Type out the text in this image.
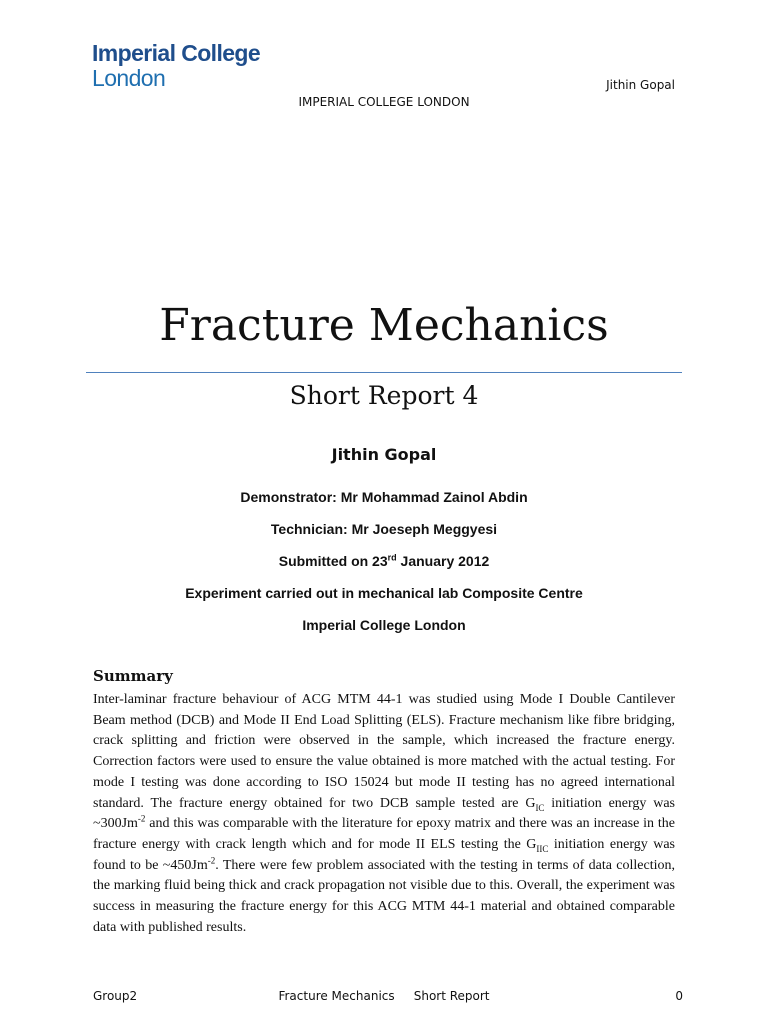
Imperial College
London	Jithin Gopal
IMPERIAL COLLEGE LONDON
Fracture Mechanics
Short Report 4
Jithin Gopal
Demonstrator: Mr Mohammad Zainol Abdin
Technician: Mr Joeseph Meggyesi
Submitted on 23rd January 2012
Experiment carried out in mechanical lab Composite Centre
Imperial College London
Summary

Inter-laminar fracture behaviour of ACG MTM 44-1 was studied using Mode I Double Cantilever Beam method (DCB) and Mode II End Load Splitting (ELS). Fracture mechanism like fibre bridging, crack splitting and friction were observed in the sample, which increased the fracture energy. Correction factors were used to ensure the value obtained is more matched with the actual testing. For mode I testing was done according to ISO 15024 but mode II testing has no agreed international standard. The fracture energy obtained for two DCB sample tested are $G_{IC}$ initiation energy was $\sim 300Jm^{-2}$ and this was comparable with the literature for epoxy matrix and there was an increase in the fracture energy with crack length which and for mode II ELS testing the $G_{IIC}$ initiation energy was found to be $\sim 450Jm^{-2}$. There were few problem associated with the testing in terms of data collection, the marking fluid being thick and crack propagation not visible due to this. Overall, the experiment was success in measuring the fracture energy for this ACG MTM 44-1 material and obtained comparable data with published results.

Group2	Fracture Mechanics     Short Report	0
